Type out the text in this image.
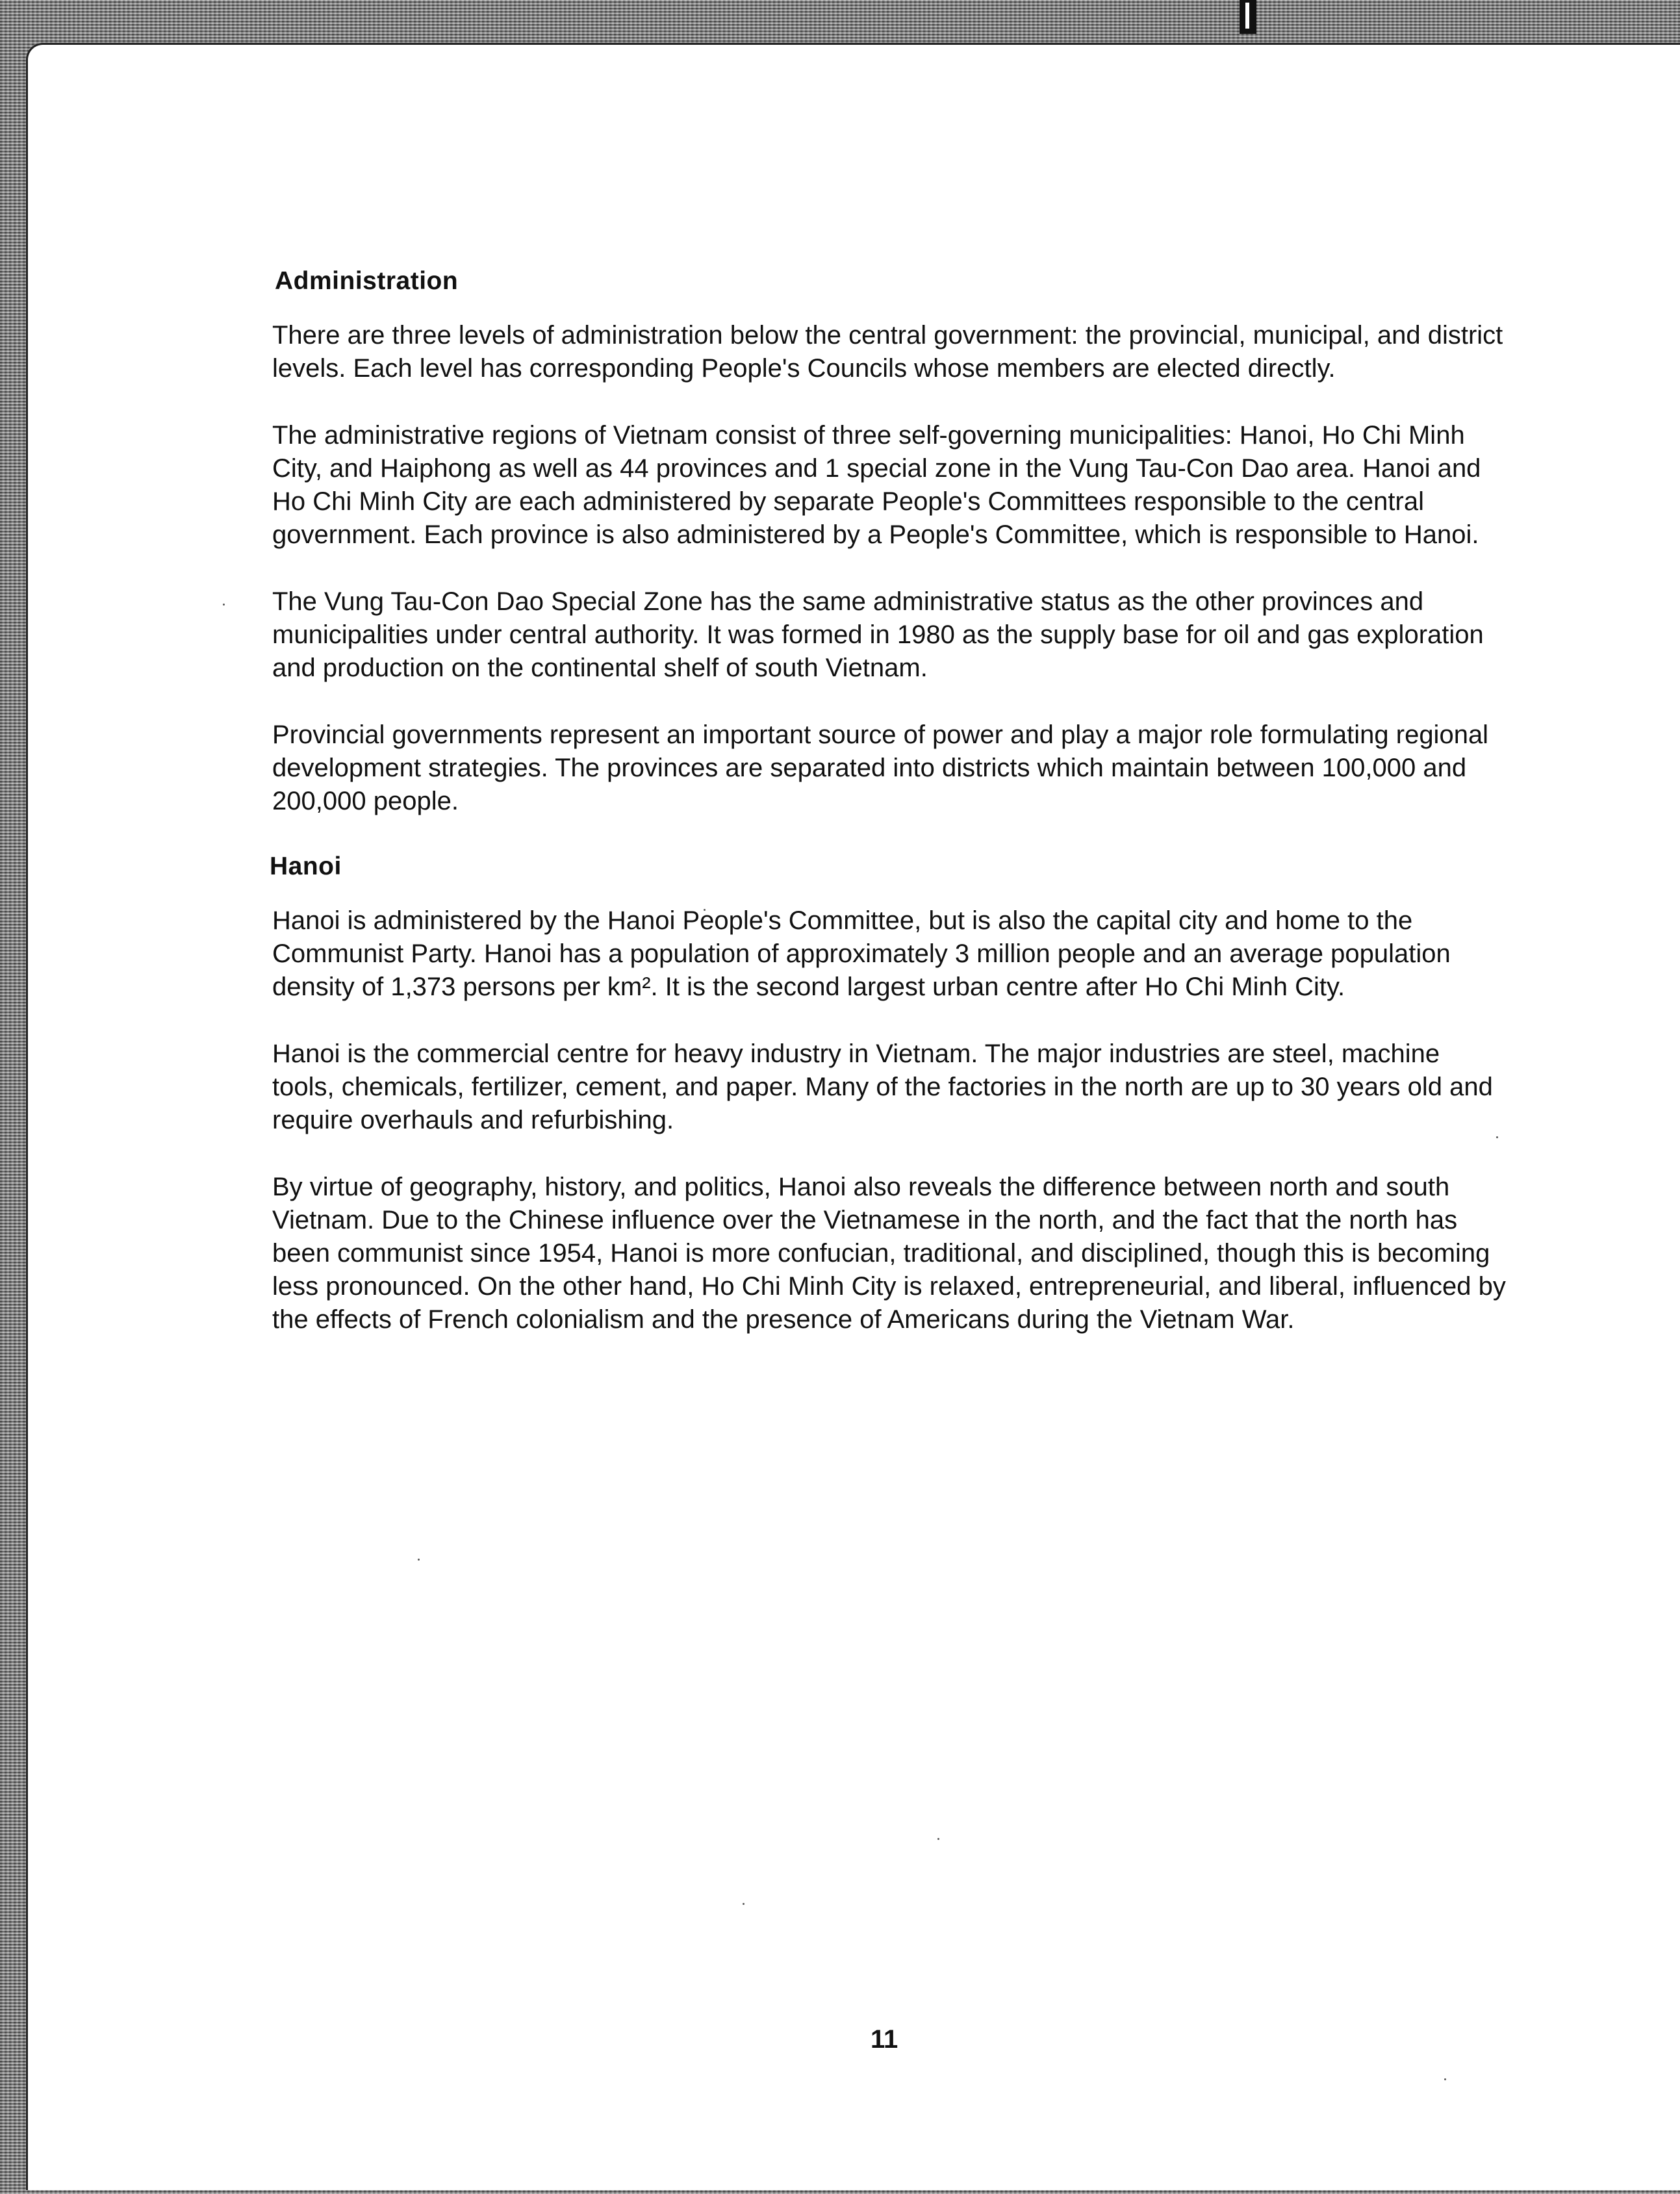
Administration

There are three levels of administration below the central government: the provincial, municipal, and district levels. Each level has corresponding People's Councils whose members are elected directly.

The administrative regions of Vietnam consist of three self-governing municipalities: Hanoi, Ho Chi Minh City, and Haiphong as well as 44 provinces and 1 special zone in the Vung Tau-Con Dao area. Hanoi and Ho Chi Minh City are each administered by separate People's Committees responsible to the central government. Each province is also administered by a People's Committee, which is responsible to Hanoi.

The Vung Tau-Con Dao Special Zone has the same administrative status as the other provinces and municipalities under central authority. It was formed in 1980 as the supply base for oil and gas exploration and production on the continental shelf of south Vietnam.

Provincial governments represent an important source of power and play a major role formulating regional development strategies. The provinces are separated into districts which maintain between 100,000 and 200,000 people.

Hanoi

Hanoi is administered by the Hanoi People's Committee, but is also the capital city and home to the Communist Party. Hanoi has a population of approximately 3 million people and an average population density of 1,373 persons per km². It is the second largest urban centre after Ho Chi Minh City.

Hanoi is the commercial centre for heavy industry in Vietnam. The major industries are steel, machine tools, chemicals, fertilizer, cement, and paper. Many of the factories in the north are up to 30 years old and require overhauls and refurbishing.

By virtue of geography, history, and politics, Hanoi also reveals the difference between north and south Vietnam. Due to the Chinese influence over the Vietnamese in the north, and the fact that the north has been communist since 1954, Hanoi is more confucian, traditional, and disciplined, though this is becoming less pronounced. On the other hand, Ho Chi Minh City is relaxed, entrepreneurial, and liberal, influenced by the effects of French colonialism and the presence of Americans during the Vietnam War.

11
